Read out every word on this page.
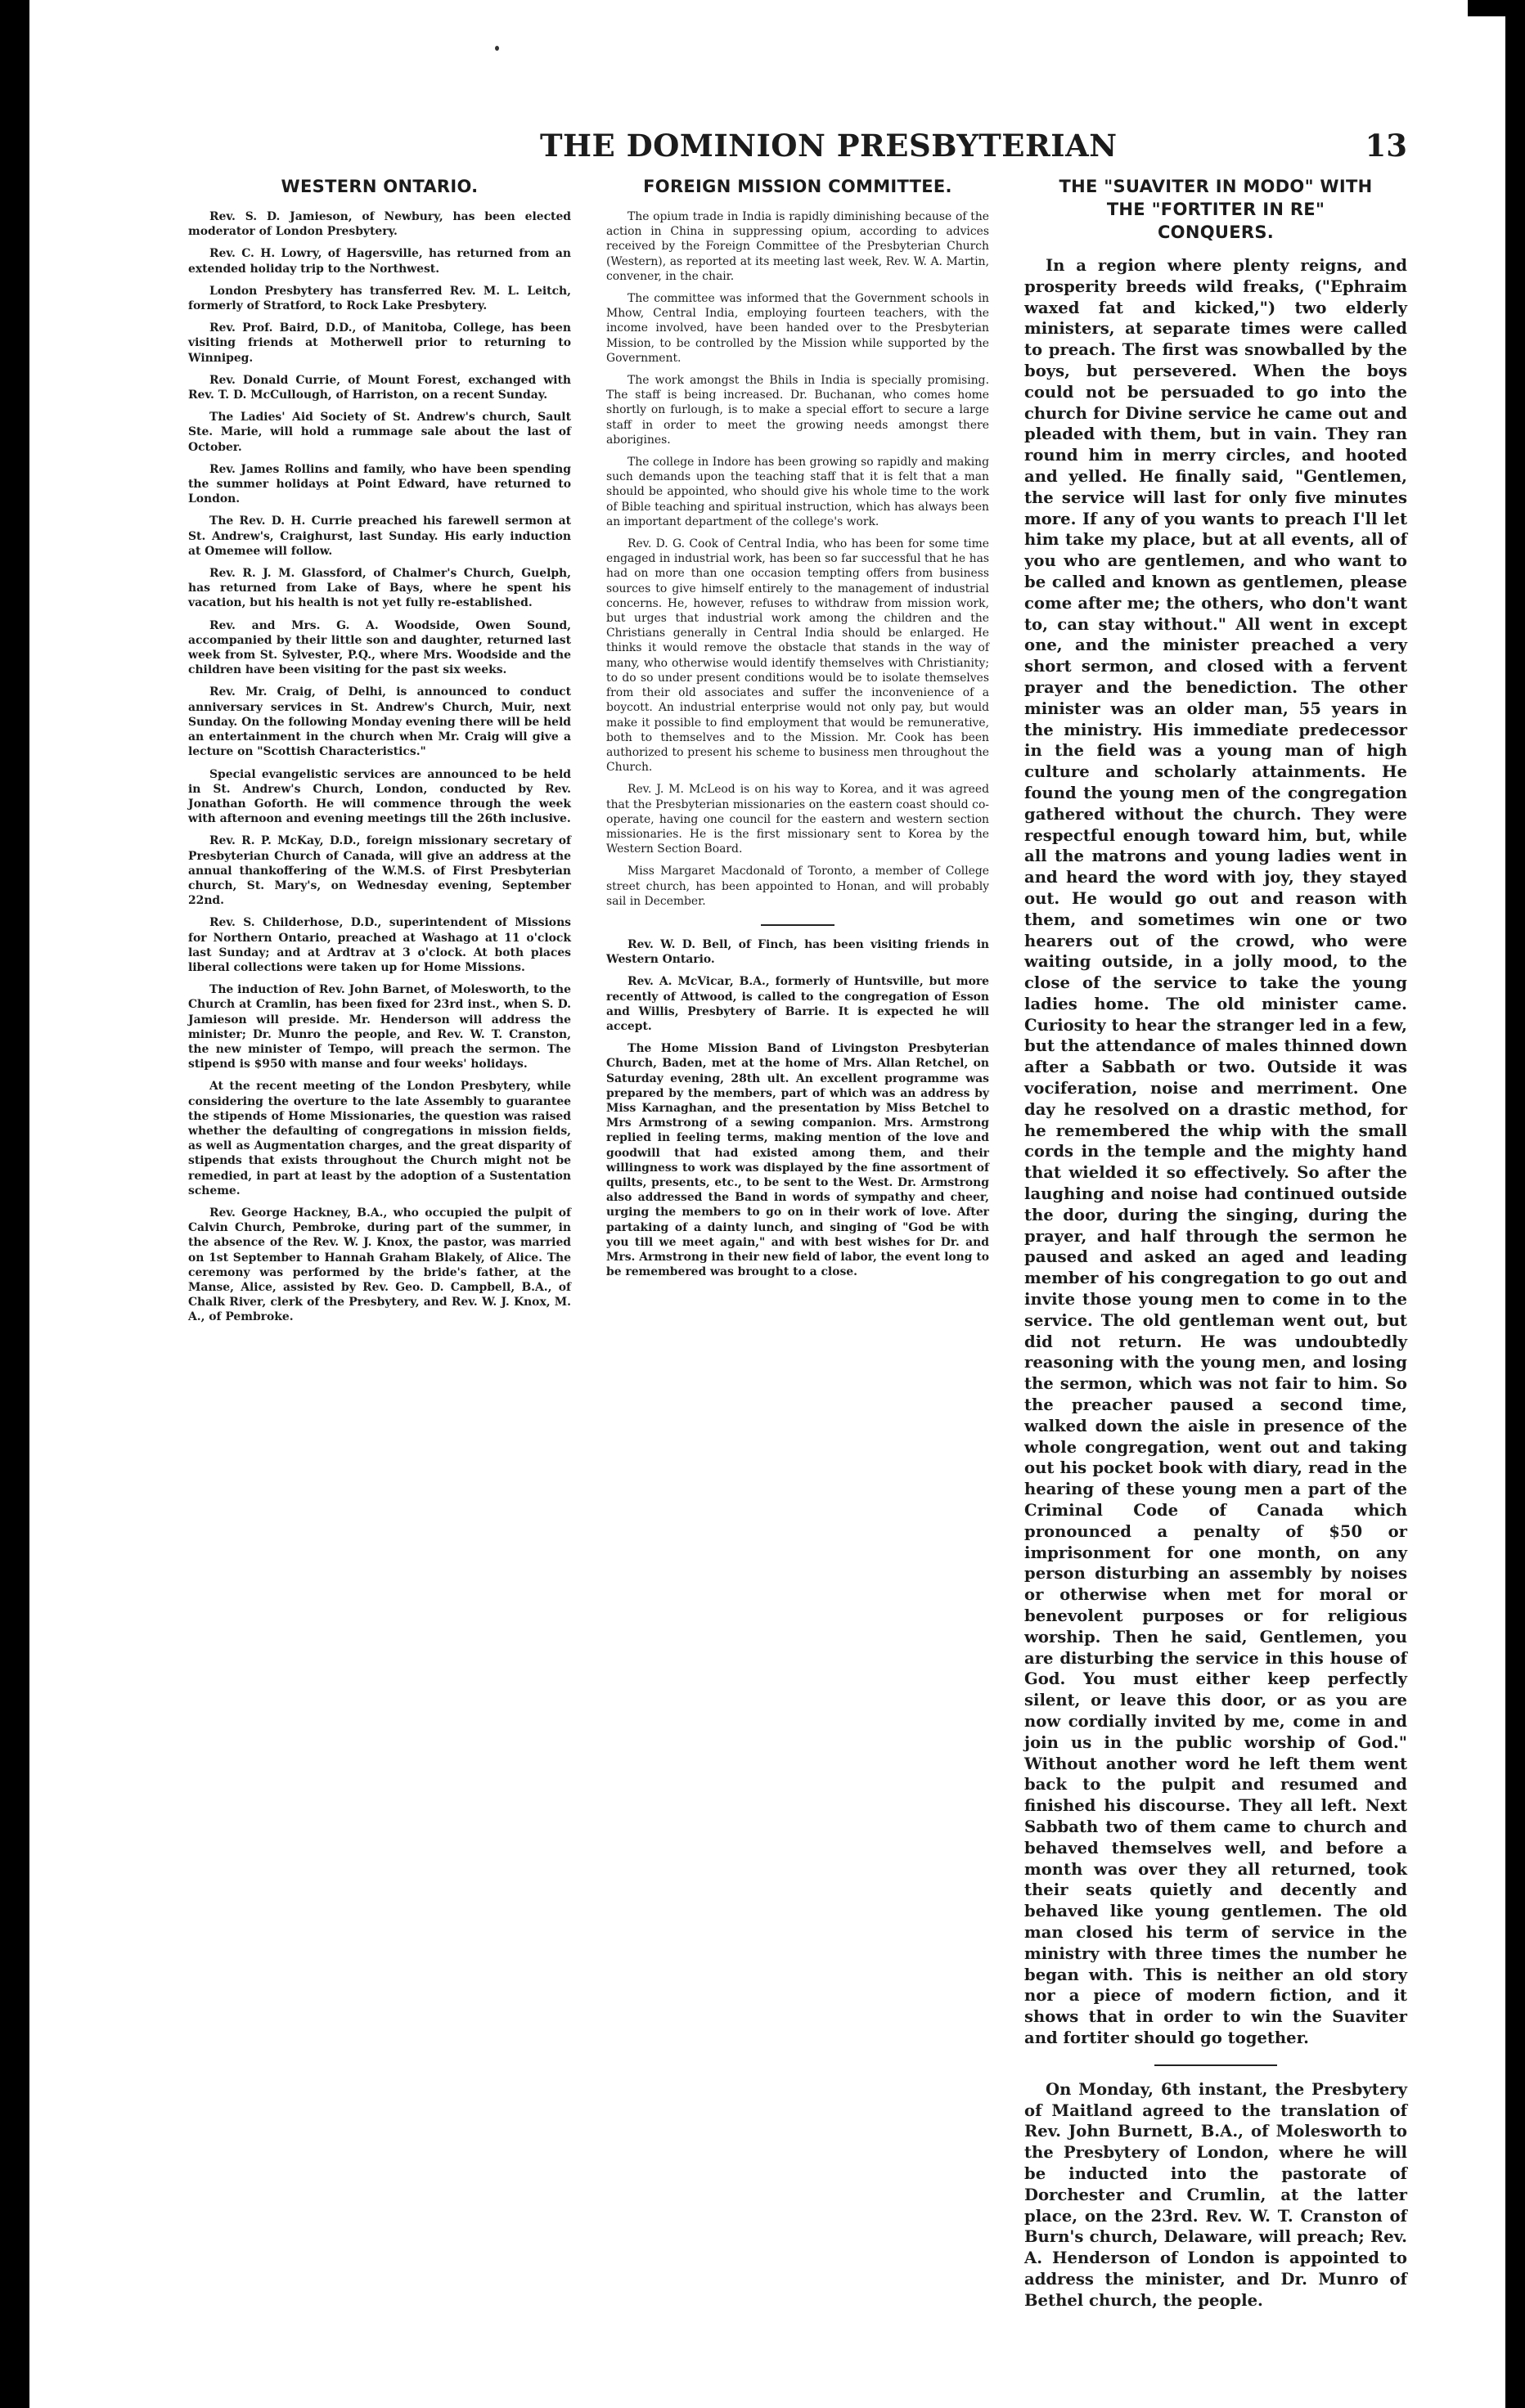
THE DOMINION PRESBYTERIAN	13
WESTERN ONTARIO.

Rev. S. D. Jamieson, of Newbury, has been elected moderator of London Presbytery.

Rev. C. H. Lowry, of Hagersville, has returned from an extended holiday trip to the Northwest.

London Presbytery has transferred Rev. M. L. Leitch, formerly of Stratford, to Rock Lake Presbytery.

Rev. Prof. Baird, D.D., of Manitoba, College, has been visiting friends at Motherwell prior to returning to Winnipeg.

Rev. Donald Currie, of Mount Forest, exchanged with Rev. T. D. McCullough, of Harriston, on a recent Sunday.

The Ladies' Aid Society of St. Andrew's church, Sault Ste. Marie, will hold a rummage sale about the last of October.

Rev. James Rollins and family, who have been spending the summer holidays at Point Edward, have returned to London.

The Rev. D. H. Currie preached his farewell sermon at St. Andrew's, Craighurst, last Sunday. His early induction at Omemee will follow.

Rev. R. J. M. Glassford, of Chalmer's Church, Guelph, has returned from Lake of Bays, where he spent his vacation, but his health is not yet fully re-established.

Rev. and Mrs. G. A. Woodside, Owen Sound, accompanied by their little son and daughter, returned last week from St. Sylvester, P.Q., where Mrs. Woodside and the children have been visiting for the past six weeks.

Rev. Mr. Craig, of Delhi, is announced to conduct anniversary services in St. Andrew's Church, Muir, next Sunday. On the following Monday evening there will be held an entertainment in the church when Mr. Craig will give a lecture on "Scottish Characteristics."

Special evangelistic services are announced to be held in St. Andrew's Church, London, conducted by Rev. Jonathan Goforth. He will commence through the week with afternoon and evening meetings till the 26th inclusive.

Rev. R. P. McKay, D.D., foreign missionary secretary of Presbyterian Church of Canada, will give an address at the annual thankoffering of the W.M.S. of First Presbyterian church, St. Mary's, on Wednesday evening, September 22nd.

Rev. S. Childerhose, D.D., superintendent of Missions for Northern Ontario, preached at Washago at 11 o'clock last Sunday; and at Ardtrav at 3 o'clock. At both places liberal collections were taken up for Home Missions.

The induction of Rev. John Barnet, of Molesworth, to the Church at Cramlin, has been fixed for 23rd inst., when S. D. Jamieson will preside. Mr. Henderson will address the minister; Dr. Munro the people, and Rev. W. T. Cranston, the new minister of Tempo, will preach the sermon. The stipend is $950 with manse and four weeks' holidays.

At the recent meeting of the London Presbytery, while considering the overture to the late Assembly to guarantee the stipends of Home Missionaries, the question was raised whether the defaulting of congregations in mission fields, as well as Augmentation charges, and the great disparity of stipends that exists throughout the Church might not be remedied, in part at least by the adoption of a Sustentation scheme.

Rev. George Hackney, B.A., who occupied the pulpit of Calvin Church, Pembroke, during part of the summer, in the absence of the Rev. W. J. Knox, the pastor, was married on 1st September to Hannah Graham Blakely, of Alice. The ceremony was performed by the bride's father, at the Manse, Alice, assisted by Rev. Geo. D. Campbell, B.A., of Chalk River, clerk of the Presbytery, and Rev. W. J. Knox, M. A., of Pembroke.

FOREIGN MISSION COMMITTEE.

The opium trade in India is rapidly diminishing because of the action in China in suppressing opium, according to advices received by the Foreign Committee of the Presbyterian Church (Western), as reported at its meeting last week, Rev. W. A. Martin, convener, in the chair.

The committee was informed that the Government schools in Mhow, Central India, employing fourteen teachers, with the income involved, have been handed over to the Presbyterian Mission, to be controlled by the Mission while supported by the Government.

The work amongst the Bhils in India is specially promising. The staff is being increased. Dr. Buchanan, who comes home shortly on furlough, is to make a special effort to secure a large staff in order to meet the growing needs amongst there aborigines.

The college in Indore has been growing so rapidly and making such demands upon the teaching staff that it is felt that a man should be appointed, who should give his whole time to the work of Bible teaching and spiritual instruction, which has always been an important department of the college's work.

Rev. D. G. Cook of Central India, who has been for some time engaged in industrial work, has been so far successful that he has had on more than one occasion tempting offers from business sources to give himself entirely to the management of industrial concerns. He, however, refuses to withdraw from mission work, but urges that industrial work among the children and the Christians generally in Central India should be enlarged. He thinks it would remove the obstacle that stands in the way of many, who otherwise would identify themselves with Christianity; to do so under present conditions would be to isolate themselves from their old associates and suffer the inconvenience of a boycott. An industrial enterprise would not only pay, but would make it possible to find employment that would be remunerative, both to themselves and to the Mission. Mr. Cook has been authorized to present his scheme to business men throughout the Church.

Rev. J. M. McLeod is on his way to Korea, and it was agreed that the Presbyterian missionaries on the eastern coast should co-operate, having one council for the eastern and western section missionaries. He is the first missionary sent to Korea by the Western Section Board.

Miss Margaret Macdonald of Toronto, a member of College street church, has been appointed to Honan, and will probably sail in December.

Rev. W. D. Bell, of Finch, has been visiting friends in Western Ontario.

Rev. A. McVicar, B.A., formerly of Huntsville, but more recently of Attwood, is called to the congregation of Esson and Willis, Presbytery of Barrie. It is expected he will accept.

The Home Mission Band of Livingston Presbyterian Church, Baden, met at the home of Mrs. Allan Retchel, on Saturday evening, 28th ult. An excellent programme was prepared by the members, part of which was an address by Miss Karnaghan, and the presentation by Miss Betchel to Mrs Armstrong of a sewing companion. Mrs. Armstrong replied in feeling terms, making mention of the love and goodwill that had existed among them, and their willingness to work was displayed by the fine assortment of quilts, presents, etc., to be sent to the West. Dr. Armstrong also addressed the Band in words of sympathy and cheer, urging the members to go on in their work of love. After partaking of a dainty lunch, and singing of "God be with you till we meet again," and with best wishes for Dr. and Mrs. Armstrong in their new field of labor, the event long to be remembered was brought to a close.

THE "SUAVITER IN MODO" WITH
THE "FORTITER IN RE"
CONQUERS.

In a region where plenty reigns, and prosperity breeds wild freaks, ("Ephraim waxed fat and kicked,") two elderly ministers, at separate times were called to preach. The first was snowballed by the boys, but persevered. When the boys could not be persuaded to go into the church for Divine service he came out and pleaded with them, but in vain. They ran round him in merry circles, and hooted and yelled. He finally said, "Gentlemen, the service will last for only five minutes more. If any of you wants to preach I'll let him take my place, but at all events, all of you who are gentlemen, and who want to be called and known as gentlemen, please come after me; the others, who don't want to, can stay without." All went in except one, and the minister preached a very short sermon, and closed with a fervent prayer and the benediction. The other minister was an older man, 55 years in the ministry. His immediate predecessor in the field was a young man of high culture and scholarly attainments. He found the young men of the congregation gathered without the church. They were respectful enough toward him, but, while all the matrons and young ladies went in and heard the word with joy, they stayed out. He would go out and reason with them, and sometimes win one or two hearers out of the crowd, who were waiting outside, in a jolly mood, to the close of the service to take the young ladies home. The old minister came. Curiosity to hear the stranger led in a few, but the attendance of males thinned down after a Sabbath or two. Outside it was vociferation, noise and merriment. One day he resolved on a drastic method, for he remembered the whip with the small cords in the temple and the mighty hand that wielded it so effectively. So after the laughing and noise had continued outside the door, during the singing, during the prayer, and half through the sermon he paused and asked an aged and leading member of his congregation to go out and invite those young men to come in to the service. The old gentleman went out, but did not return. He was undoubtedly reasoning with the young men, and losing the sermon, which was not fair to him. So the preacher paused a second time, walked down the aisle in presence of the whole congregation, went out and taking out his pocket book with diary, read in the hearing of these young men a part of the Criminal Code of Canada which pronounced a penalty of $50 or imprisonment for one month, on any person disturbing an assembly by noises or otherwise when met for moral or benevolent purposes or for religious worship. Then he said, Gentlemen, you are disturbing the service in this house of God. You must either keep perfectly silent, or leave this door, or as you are now cordially invited by me, come in and join us in the public worship of God." Without another word he left them went back to the pulpit and resumed and finished his discourse. They all left. Next Sabbath two of them came to church and behaved themselves well, and before a month was over they all returned, took their seats quietly and decently and behaved like young gentlemen. The old man closed his term of service in the ministry with three times the number he began with. This is neither an old story nor a piece of modern fiction, and it shows that in order to win the Suaviter and fortiter should go together.

On Monday, 6th instant, the Presbytery of Maitland agreed to the translation of Rev. John Burnett, B.A., of Molesworth to the Presbytery of London, where he will be inducted into the pastorate of Dorchester and Crumlin, at the latter place, on the 23rd. Rev. W. T. Cranston of Burn's church, Delaware, will preach; Rev. A. Henderson of London is appointed to address the minister, and Dr. Munro of Bethel church, the people.
